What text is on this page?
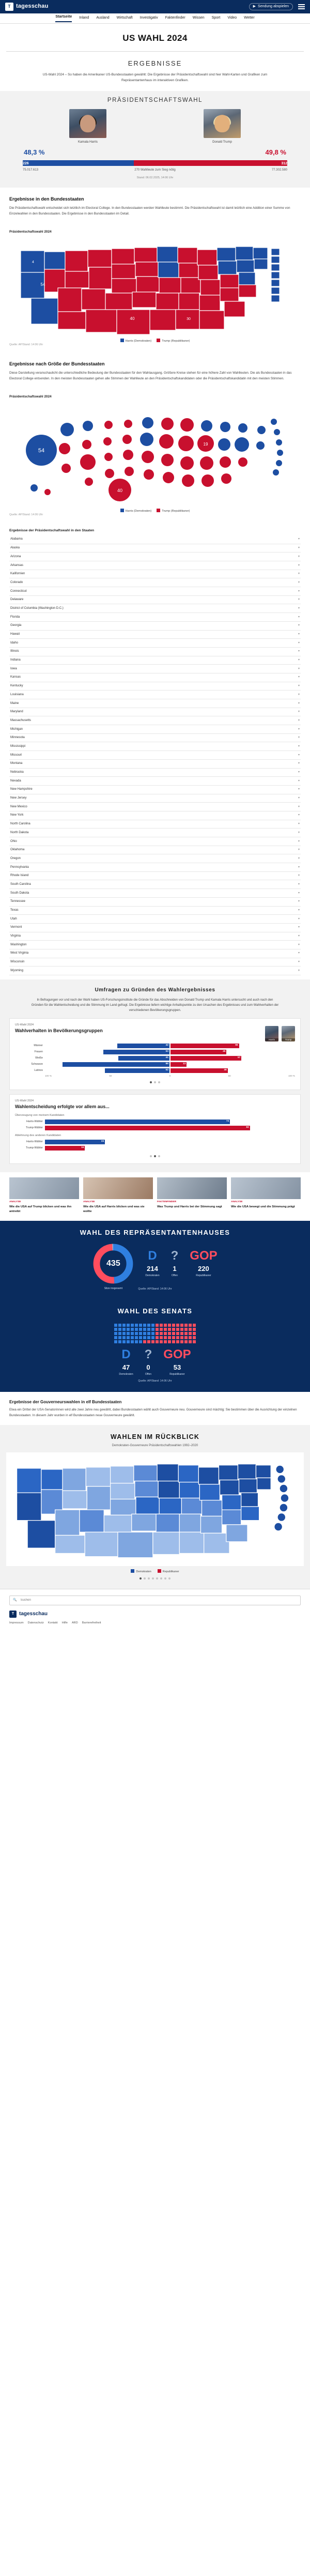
T tagesschau	▶ Sendung abspielen
Startseite Inland Ausland Wirtschaft Investigativ Faktenfinder Wissen Sport Video Wetter
US WAHL 2024
ERGEBNISSE
US-Wahl 2024 – So haben die Amerikaner US-Bundesstaaten gewählt: Die Ergebnisse der Präsidentschaftswahl sind hier Wahl-Karten und Grafiken zum Repräsentantenhaus im interaktiven Grafiken.
PRÄSIDENTSCHAFTSWAHL
Kamala Harris	Donald Trump
48,3 %	49,8 %
226	312
75.017.613	270 Wahlleute zum Sieg nötig	77.302.580
Stand: 06.02.2025, 14:06 Uhr
Ergebnisse in den Bundesstaaten

Die Präsidentschaftswahl entscheidet sich letztlich im Electoral College. In den Bundesstaaten werden Wahlleute bestimmt. Die Präsidentschaftswahl ist damit letztlich eine Addition einer Summe von Einzelwahlen in den Bundesstaaten. Die Ergebnisse in den Bundesstaaten im Detail.

Präsidentschaftswahl 2024
4
54
40	30
Harris (Demokraten)	Trump (Republikaner)
Quelle: AP/Stand: 14:06 Uhr
Ergebnisse nach Größe der Bundesstaaten

Diese Darstellung veranschaulicht die unterschiedliche Bedeutung der Bundesstaaten für den Wahlausgang. Größere Kreise stehen für eine höhere Zahl von Wahlleuten. Die als Bundesstaaten in das Electoral College entsenden. In den meisten Bundesstaaten gehen alle Stimmen der Wahlleute an den Präsidentschaftskandidaten oder die Präsidentschaftskandidatin mit den meisten Stimmen.

Präsidentschaftswahl 2024
54
40
19
Harris (Demokraten)	Trump (Republikaner)
Quelle: AP/Stand: 14:06 Uhr
Ergebnisse der Präsidentschaftswahl in den Staaten
Alabama	▾
Alaska	▾
Arizona	▾
Arkansas	▾
Kalifornien	▾
Colorado	▾
Connecticut	▾
Delaware	▾
District of Columbia (Washington D.C.)	▾
Florida	▾
Georgia	▾
Hawaii	▾
Idaho	▾
Illinois	▾
Indiana	▾
Iowa	▾
Kansas	▾
Kentucky	▾
Louisiana	▾
Maine	▾
Maryland	▾
Massachusetts	▾
Michigan	▾
Minnesota	▾
Mississippi	▾
Missouri	▾
Montana	▾
Nebraska	▾
Nevada	▾
New Hampshire	▾
New Jersey	▾
New Mexico	▾
New York	▾
North Carolina	▾
North Dakota	▾
Ohio	▾
Oklahoma	▾
Oregon	▾
Pennsylvania	▾
Rhode Island	▾
South Carolina	▾
South Dakota	▾
Tennessee	▾
Texas	▾
Utah	▾
Vermont	▾
Virginia	▾
Washington	▾
West Virginia	▾
Wisconsin	▾
Wyoming	▾
Umfragen zu Gründen des Wahlergebnisses
In Befragungen vor und nach der Wahl haben US-Forschungsinstitute die Gründe für das Abschneiden von Donald Trump und Kamala Harris untersucht und auch nach den Gründen für die Wahlentscheidung und die Stimmung im Land gefragt. Die Ergebnisse liefern wichtige Anhaltspunkte zu den Ursachen des Ergebnisses und zum Wahlverhalten der verschiedenen Bevölkerungsgruppen.
US-Wahl 2024
Wahlverhalten in Bevölkerungsgruppen
Harris	Trump
Männer	42	55
Frauen	53	45
Weiße	41	57
Schwarze	86	13
Latinos	52	46
100 %	50	0	50	100 %
US-Wahl 2024
Wahlentscheidung erfolgte vor allem aus...
Überzeugung von meinem Kandidaten
Harris-Wähler	74
Trump-Wähler	82
Ablehnung des anderen Kandidaten
Harris-Wähler	24
Trump-Wähler	16
ANALYSE
Wie die USA auf Trump blicken und was ihn antreibt
ANALYSE
Wie die USA auf Harris blicken und was sie wollte
FAKTENFINDER
Was Trump und Harris bei der Stimmung sagt
ANALYSE
Wie die USA bewegt und die Stimmung prägt
WAHL DES REPRÄSENTANTENHAUSES
435
Sitze insgesamt
D
214
Demokraten
?
1
Offen
GOP
220
Republikaner
Quelle: AP/Stand: 14:06 Uhr
WAHL DES SENATS
D
47
Demokraten
?
0
Offen
GOP
53
Republikaner
Quelle: AP/Stand: 14:06 Uhr
Ergebnisse der Gouverneurswahlen in elf Bundesstaaten

Etwa ein Drittel der USA-Senatorinnen wird alle zwei Jahre neu gewählt, dabei Bundesstaaten wählt auch Gouverneure neu. Gouverneure sind mächtig: Sie bestimmen über die Ausrichtung der einzelnen Bundesstaaten. In diesem Jahr wurden in elf Bundesstaaten neue Gouverneure gewählt.

WAHLEN IM RÜCKBLICK
Demokraten-Gouverneure Präsidentschaftswahlen 1992–2020
Demokraten	Republikaner
🔍
Suchen
T tagesschau
Impressum Datenschutz Kontakt Hilfe ARD Barrierefreiheit
